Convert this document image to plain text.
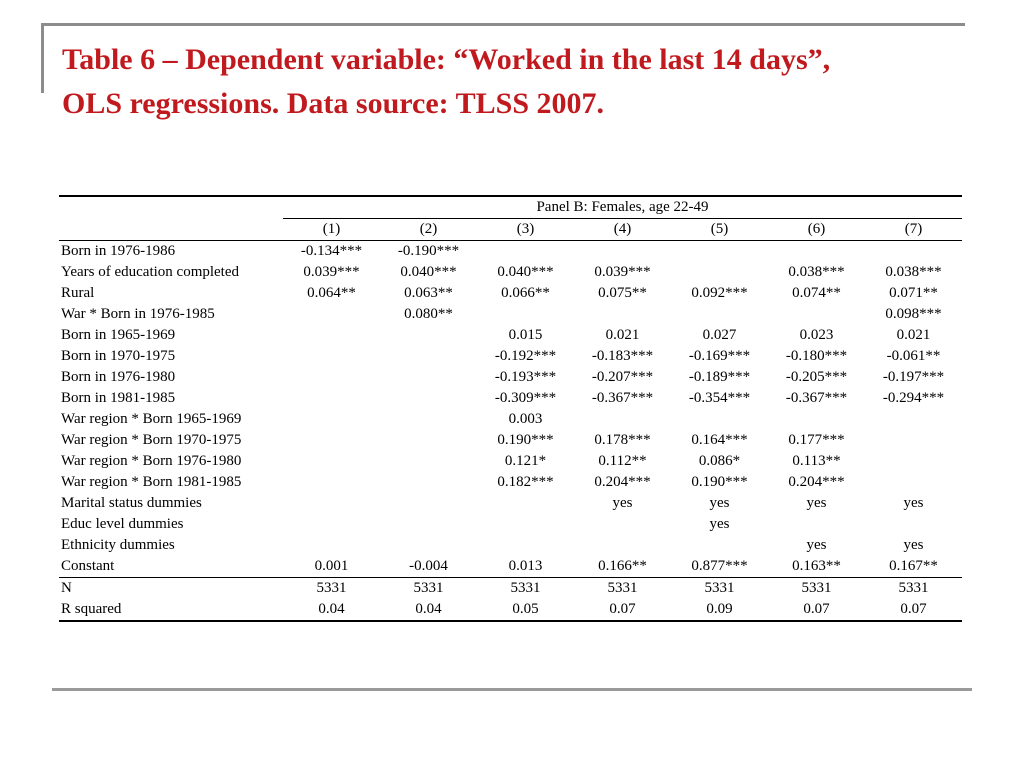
Table 6 – Dependent variable: “Worked in the last 14 days”,
OLS regressions. Data source: TLSS 2007.
	Panel B: Females, age 22-49						
	(1)	(2)	(3)	(4)	(5)	(6)	(7)
Born in 1976-1986	-0.134***	-0.190***					
Years of education completed	0.039***	0.040***	0.040***	0.039***		0.038***	0.038***
Rural	0.064**	0.063**	0.066**	0.075**	0.092***	0.074**	0.071**
War * Born in 1976-1985		0.080**					0.098***
Born in 1965-1969			0.015	0.021	0.027	0.023	0.021
Born in 1970-1975			-0.192***	-0.183***	-0.169***	-0.180***	-0.061**
Born in 1976-1980			-0.193***	-0.207***	-0.189***	-0.205***	-0.197***
Born in 1981-1985			-0.309***	-0.367***	-0.354***	-0.367***	-0.294***
War region * Born 1965-1969			0.003				
War region * Born 1970-1975			0.190***	0.178***	0.164***	0.177***	
War region * Born 1976-1980			0.121*	0.112**	0.086*	0.113**	
War region * Born 1981-1985			0.182***	0.204***	0.190***	0.204***	
Marital status dummies				yes	yes	yes	yes
Educ level dummies					yes		
Ethnicity dummies						yes	yes
Constant	0.001	-0.004	0.013	0.166**	0.877***	0.163**	0.167**
N	5331	5331	5331	5331	5331	5331	5331
R squared	0.04	0.04	0.05	0.07	0.09	0.07	0.07
